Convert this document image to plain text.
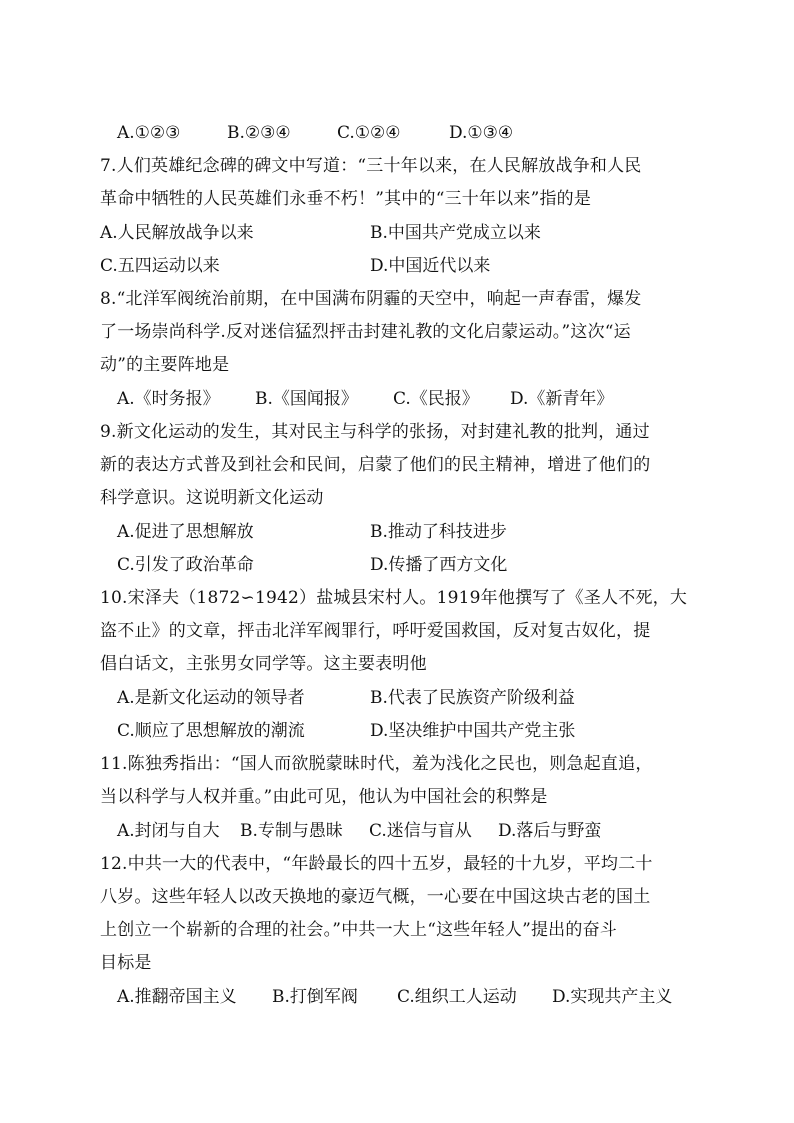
A.①②③	B.②③④	C.①②④	D.①③④
7.人们英雄纪念碑的碑文中写道：“三十年以来，在人民解放战争和人民
革命中牺牲的人民英雄们永垂不朽！”其中的“三十年以来”指的是
A.人民解放战争以来	B.中国共产党成立以来
C.五四运动以来	D.中国近代以来
8.“北洋军阀统治前期，在中国满布阴霾的天空中，响起一声春雷，爆发
了一场崇尚科学.反对迷信猛烈抨击封建礼教的文化启蒙运动。”这次“运
动”的主要阵地是
A.《时务报》 B.《国闻报》 C.《民报》 D.《新青年》
9.新文化运动的发生，其对民主与科学的张扬，对封建礼教的批判，通过
新的表达方式普及到社会和民间，启蒙了他们的民主精神，增进了他们的
科学意识。这说明新文化运动
A.促进了思想解放	B.推动了科技进步
C.引发了政治革命	D.传播了西方文化
10.宋泽夫（1872∽1942）盐城县宋村人。1919年他撰写了《圣人不死，大
盗不止》的文章，抨击北洋军阀罪行，呼吁爱国救国，反对复古奴化，提
倡白话文，主张男女同学等。这主要表明他
A.是新文化运动的领导者	B.代表了民族资产阶级利益
C.顺应了思想解放的潮流	D.坚决维护中国共产党主张
11.陈独秀指出：“国人而欲脱蒙昧时代，羞为浅化之民也，则急起直追，
当以科学与人权并重。”由此可见，他认为中国社会的积弊是
A.封闭与自大 B.专制与愚昧 C.迷信与盲从 D.落后与野蛮
12.中共一大的代表中，“年龄最长的四十五岁，最轻的十九岁，平均二十
八岁。这些年轻人以改天换地的豪迈气概，一心要在中国这块古老的国土
上创立一个崭新的合理的社会。”中共一大上“这些年轻人”提出的奋斗
目标是
A.推翻帝国主义 B.打倒军阀 C.组织工人运动 D.实现共产主义
